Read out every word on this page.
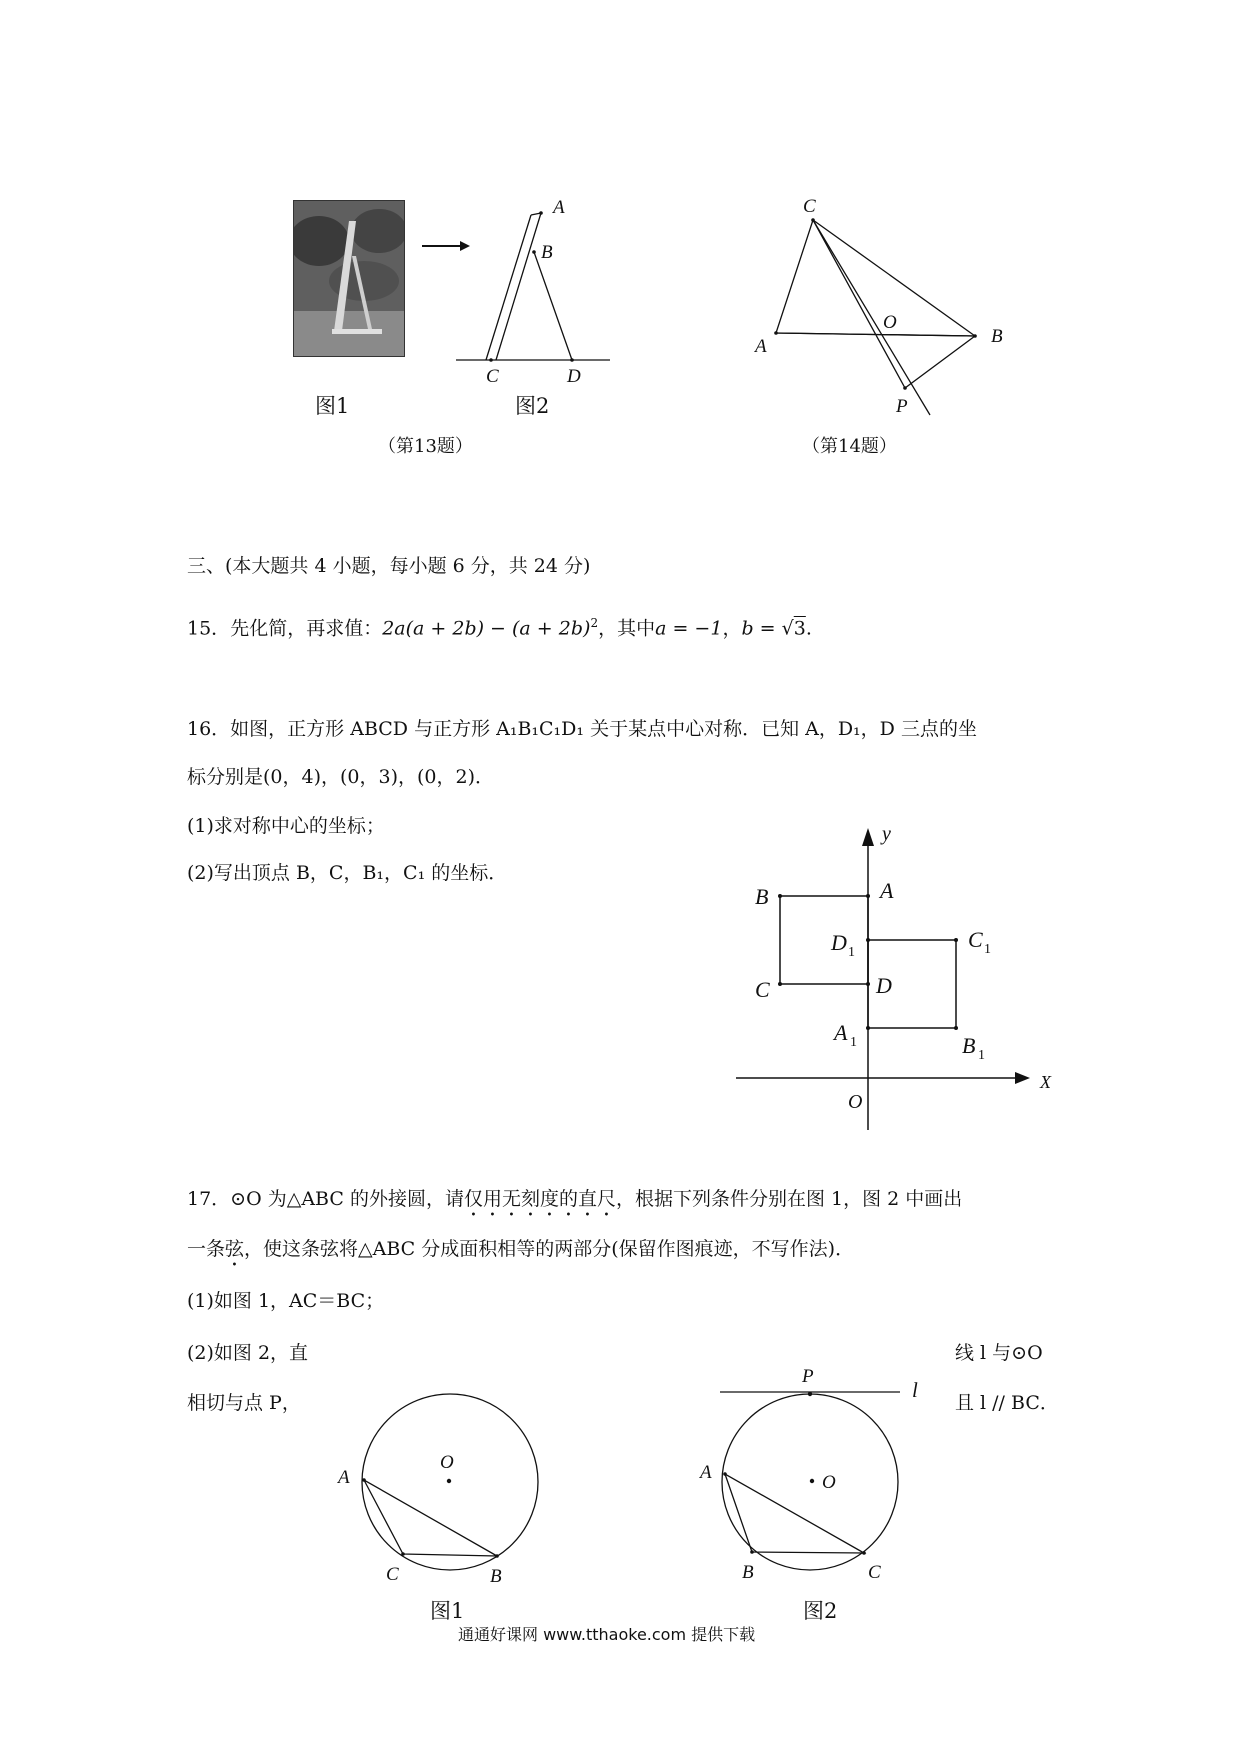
图1
A
B
C	D
图2
（第13题）
C
A	B
O
P
（第14题）
三、(本大题共 4 小题，每小题 6 分，共 24 分)
15．先化简，再求值：$2a(a + 2b) - (a + 2b)^2$，其中a = −1，b = √3.
16．如图，正方形 ABCD 与正方形 A₁B₁C₁D₁ 关于某点中心对称．已知 A，D₁，D 三点的坐
标分别是(0，4)，(0，3)，(0，2)．
(1)求对称中心的坐标；
(2)写出顶点 B，C，B₁，C₁ 的坐标．
y
X
O
A
B
C	D
D 1
C 1
A 1	B 1
17．⊙O 为△ABC 的外接圆，请仅用无刻度的直尺，根据下列条件分别在图 1，图 2 中画出
一条弦，使这条弦将△ABC 分成面积相等的两部分(保留作图痕迹，不写作法)．
(1)如图 1，AC＝BC；
(2)如图 2，直	线 l 与⊙O
相切与点 P，	且 l // BC．
O
A
C	B
图1
P
l
O
A
B	C
图2
通通好课网 www.tthaoke.com 提供下载
